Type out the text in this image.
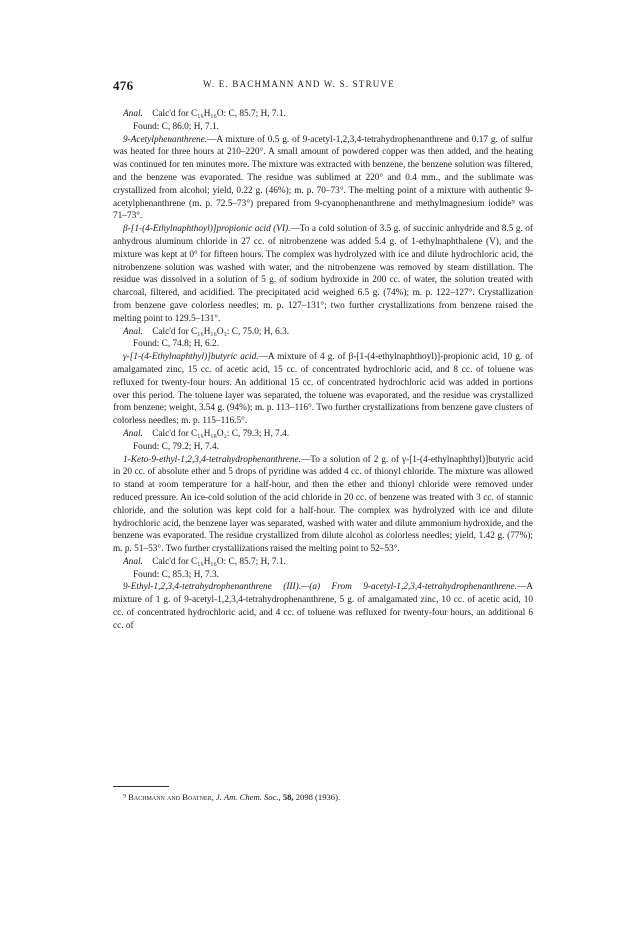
476	W. E. BACHMANN AND W. S. STRUVE

Anal.  Calc'd for C₁₆H₁₆O: C, 85.7; H, 7.1.

Found: C, 86.0; H, 7.1.

9-Acetylphenanthrene.—A mixture of 0.5 g. of 9-acetyl-1,2,3,4-tetrahydrophenanthrene and 0.17 g. of sulfur was heated for three hours at 210–220°. A small amount of powdered copper was then added, and the heating was continued for ten minutes more. The mixture was extracted with benzene, the benzene solution was filtered, and the benzene was evaporated. The residue was sublimed at 220° and 0.4 mm., and the sublimate was crystallized from alcohol; yield, 0.22 g. (46%); m. p. 70–73°. The melting point of a mixture with authentic 9-acetylphenanthrene (m. p. 72.5–73°) prepared from 9-cyanophenanthrene and methylmagnesium iodide⁹ was 71–73°.

β-[1-(4-Ethylnaphthoyl)]propionic acid (VI).—To a cold solution of 3.5 g. of succinic anhydride and 8.5 g. of anhydrous aluminum chloride in 27 cc. of nitrobenzene was added 5.4 g. of 1-ethylnaphthalene (V), and the mixture was kept at 0° for fifteen hours. The complex was hydrolyzed with ice and dilute hydrochloric acid, the nitrobenzene solution was washed with water, and the nitrobenzene was removed by steam distillation. The residue was dissolved in a solution of 5 g. of sodium hydroxide in 200 cc. of water, the solution treated with charcoal, filtered, and acidified. The precipitated acid weighed 6.5 g. (74%); m. p. 122–127°. Crystallization from benzene gave colorless needles; m. p. 127–131°; two further crystallizations from benzene raised the melting point to 129.5–131°.

Anal.  Calc'd for C₁₆H₁₆O₃: C, 75.0; H, 6.3.

Found: C, 74.8; H, 6.2.

γ-[1-(4-Ethylnaphthyl)]butyric acid.—A mixture of 4 g. of β-[1-(4-ethylnaphthoyl)]-propionic acid, 10 g. of amalgamated zinc, 15 cc. of acetic acid, 15 cc. of concentrated hydrochloric acid, and 8 cc. of toluene was refluxed for twenty-four hours. An additional 15 cc. of concentrated hydrochloric acid was added in portions over this period. The toluene layer was separated, the toluene was evaporated, and the residue was crystallized from benzene; weight, 3.54 g. (94%); m. p. 113–116°. Two further crystallizations from benzene gave clusters of colorless needles; m. p. 115–116.5°.

Anal.  Calc'd for C₁₆H₁₈O₂: C, 79.3; H, 7.4.

Found: C, 79.2; H, 7.4.

1-Keto-9-ethyl-1,2,3,4-tetrahydrophenanthrene.—To a solution of 2 g. of γ-[1-(4-ethylnaphthyl)]butyric acid in 20 cc. of absolute ether and 5 drops of pyridine was added 4 cc. of thionyl chloride. The mixture was allowed to stand at room temperature for a half-hour, and then the ether and thionyl chloride were removed under reduced pressure. An ice-cold solution of the acid chloride in 20 cc. of benzene was treated with 3 cc. of stannic chloride, and the solution was kept cold for a half-hour. The complex was hydrolyzed with ice and dilute hydrochloric acid, the benzene layer was separated, washed with water and dilute ammonium hydroxide, and the benzene was evaporated. The residue crystallized from dilute alcohol as colorless needles; yield, 1.42 g. (77%); m. p. 51–53°. Two further crystallizations raised the melting point to 52–53°.

Anal.  Calc'd for C₁₆H₁₆O: C, 85.7; H, 7.1.

Found: C, 85.3; H, 7.3.

9-Ethyl-1,2,3,4-tetrahydrophenanthrene (III).—(a) From 9-acetyl-1,2,3,4-tetrahydrophenanthrene.—A mixture of 1 g. of 9-acetyl-1,2,3,4-tetrahydrophenanthrene, 5 g. of amalgamated zinc, 10 cc. of acetic acid, 10 cc. of concentrated hydrochloric acid, and 4 cc. of toluene was refluxed for twenty-four hours, an additional 6 cc. of

⁹ Bachmann and Boatner, J. Am. Chem. Soc., 58, 2098 (1936).
